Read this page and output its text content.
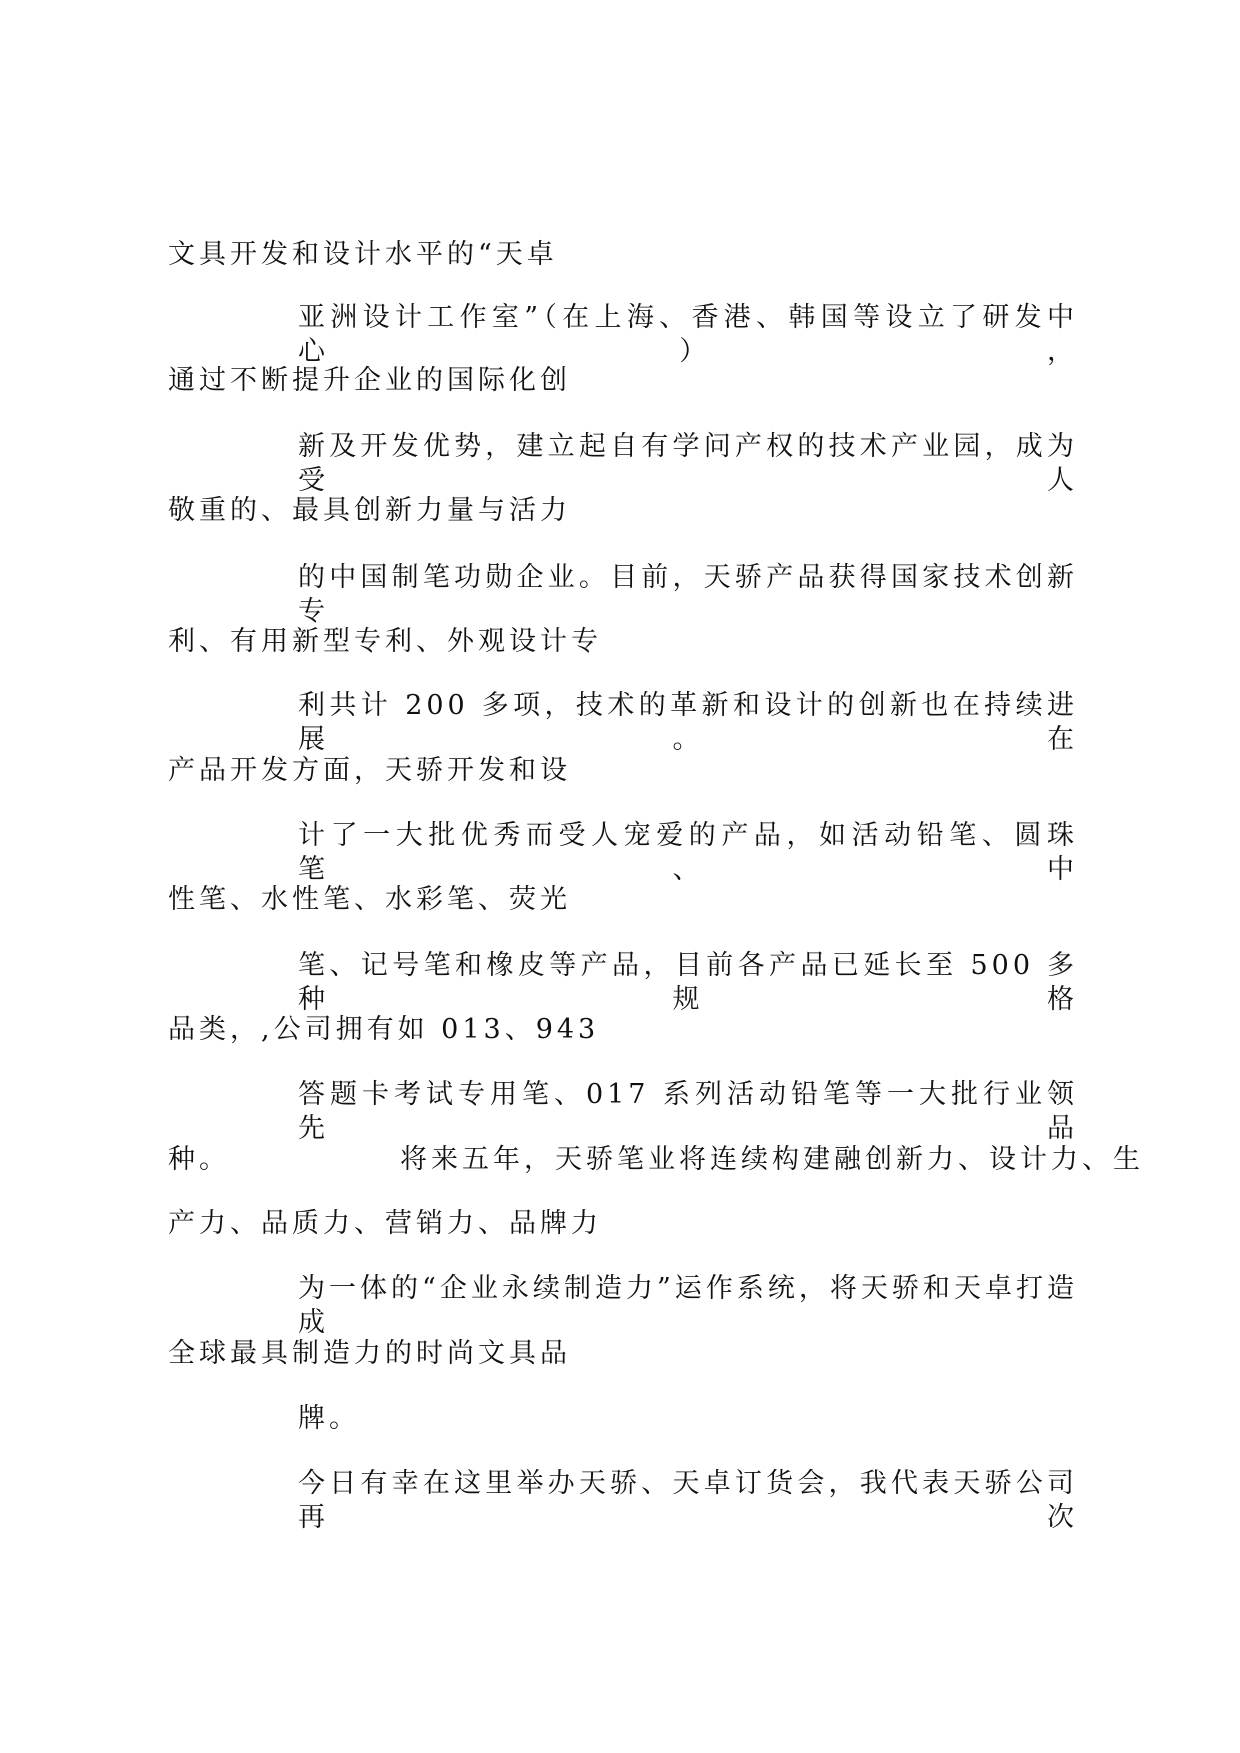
文具开发和设计水平的“天卓

亚洲设计工作室”（在上海、香港、韩国等设立了研发中心），

通过不断提升企业的国际化创

新及开发优势，建立起自有学问产权的技术产业园，成为受人

敬重的、最具创新力量与活力

的中国制笔功勋企业。目前，天骄产品获得国家技术创新专

利、有用新型专利、外观设计专

利共计 200 多项，技术的革新和设计的创新也在持续进展。在

产品开发方面，天骄开发和设

计了一大批优秀而受人宠爱的产品，如活动铅笔、圆珠笔、中

性笔、水性笔、水彩笔、荧光

笔、记号笔和橡皮等产品，目前各产品已延长至 500 多种规格

品类，,公司拥有如 013、943

答题卡考试专用笔、017 系列活动铅笔等一大批行业领先品

种。	将来五年，天骄笔业将连续构建融创新力、设计力、生

产力、品质力、营销力、品牌力

为一体的“企业永续制造力”运作系统，将天骄和天卓打造成

全球最具制造力的时尚文具品

牌。

今日有幸在这里举办天骄、天卓订货会，我代表天骄公司再次
